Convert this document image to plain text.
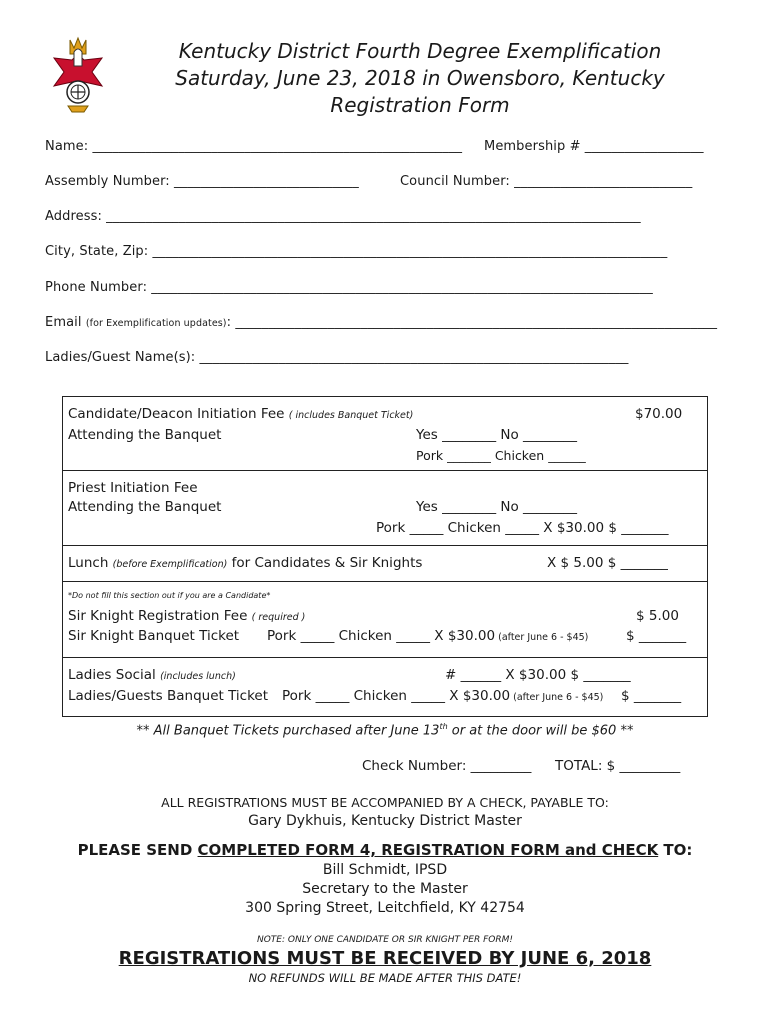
Kentucky District Fourth Degree Exemplification
Saturday, June 23, 2018 in Owensboro, Kentucky
Registration Form
Name: ________________________________________________________ Membership # __________________
Assembly Number: ____________________________	Council Number: ___________________________
Address: _________________________________________________________________________________
City, State, Zip: ______________________________________________________________________________
Phone Number: ____________________________________________________________________________
Email (for Exemplification updates): _________________________________________________________________________
Ladies/Guest Name(s): _________________________________________________________________
Candidate/Deacon Initiation Fee ( includes Banquet Ticket)	$70.00
Attending the Banquet	Yes ________ No ________
Pork _______ Chicken ______
Priest Initiation Fee
Attending the Banquet	Yes ________ No ________
Pork _____ Chicken _____ X $30.00 $ _______
Lunch (before Exemplification) for Candidates & Sir Knights	X $ 5.00 $ _______
*Do not fill this section out if you are a Candidate*
Sir Knight Registration Fee ( required )	$ 5.00
Sir Knight Banquet Ticket Pork _____ Chicken _____ X $30.00 (after June 6 - $45)	$ _______
Ladies Social (includes lunch)	# ______ X $30.00 $ _______
Ladies/Guests Banquet Ticket Pork _____ Chicken _____ X $30.00 (after June 6 - $45) $ _______
** All Banquet Tickets purchased after June 13th or at the door will be $60 **
Check Number: _________ TOTAL: $ _________
ALL REGISTRATIONS MUST BE ACCOMPANIED BY A CHECK, PAYABLE TO:
Gary Dykhuis, Kentucky District Master
PLEASE SEND COMPLETED FORM 4, REGISTRATION FORM and CHECK TO:
Bill Schmidt, IPSD
Secretary to the Master
300 Spring Street, Leitchfield, KY 42754
NOTE: ONLY ONE CANDIDATE OR SIR KNIGHT PER FORM!
REGISTRATIONS MUST BE RECEIVED BY JUNE 6, 2018
NO REFUNDS WILL BE MADE AFTER THIS DATE!
